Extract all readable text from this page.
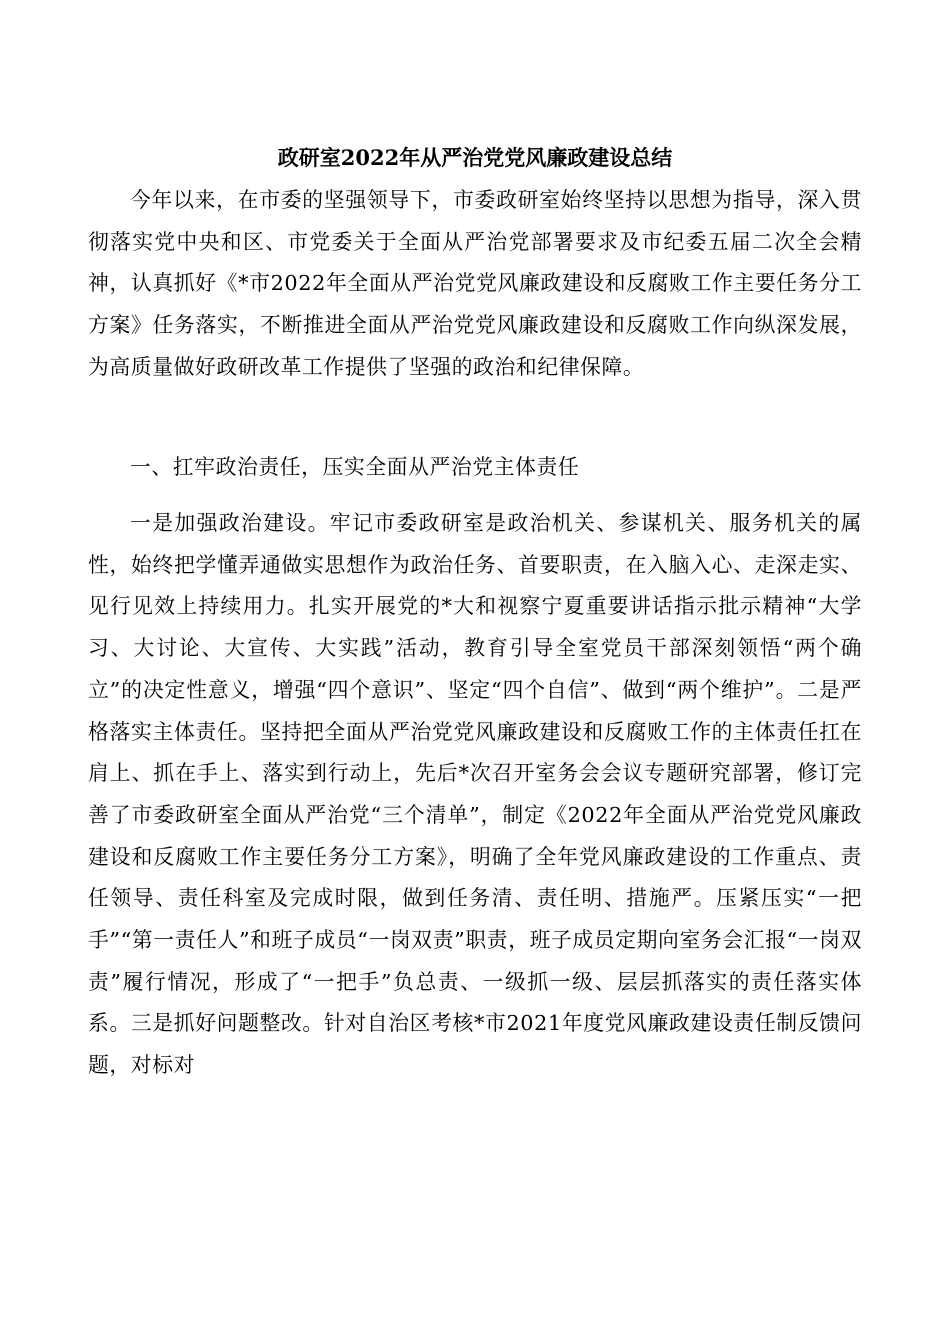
政研室2022年从严治党党风廉政建设总结

今年以来，在市委的坚强领导下，市委政研室始终坚持以思想为指导，深入贯彻落实党中央和区、市党委关于全面从严治党部署要求及市纪委五届二次全会精神，认真抓好《*市2022年全面从严治党党风廉政建设和反腐败工作主要任务分工方案》任务落实，不断推进全面从严治党党风廉政建设和反腐败工作向纵深发展，为高质量做好政研改革工作提供了坚强的政治和纪律保障。

一、扛牢政治责任，压实全面从严治党主体责任

一是加强政治建设。牢记市委政研室是政治机关、参谋机关、服务机关的属性，始终把学懂弄通做实思想作为政治任务、首要职责，在入脑入心、走深走实、见行见效上持续用力。扎实开展党的*大和视察宁夏重要讲话指示批示精神“大学习、大讨论、大宣传、大实践”活动，教育引导全室党员干部深刻领悟“两个确立”的决定性意义，增强“四个意识”、坚定“四个自信”、做到“两个维护”。二是严格落实主体责任。坚持把全面从严治党党风廉政建设和反腐败工作的主体责任扛在肩上、抓在手上、落实到行动上，先后*次召开室务会会议专题研究部署，修订完善了市委政研室全面从严治党“三个清单”，制定《2022年全面从严治党党风廉政建设和反腐败工作主要任务分工方案》，明确了全年党风廉政建设的工作重点、责任领导、责任科室及完成时限，做到任务清、责任明、措施严。压紧压实“一把手”“第一责任人”和班子成员“一岗双责”职责，班子成员定期向室务会汇报“一岗双责”履行情况，形成了“一把手”负总责、一级抓一级、层层抓落实的责任落实体系。三是抓好问题整改。针对自治区考核*市2021年度党风廉政建设责任制反馈问题，对标对
